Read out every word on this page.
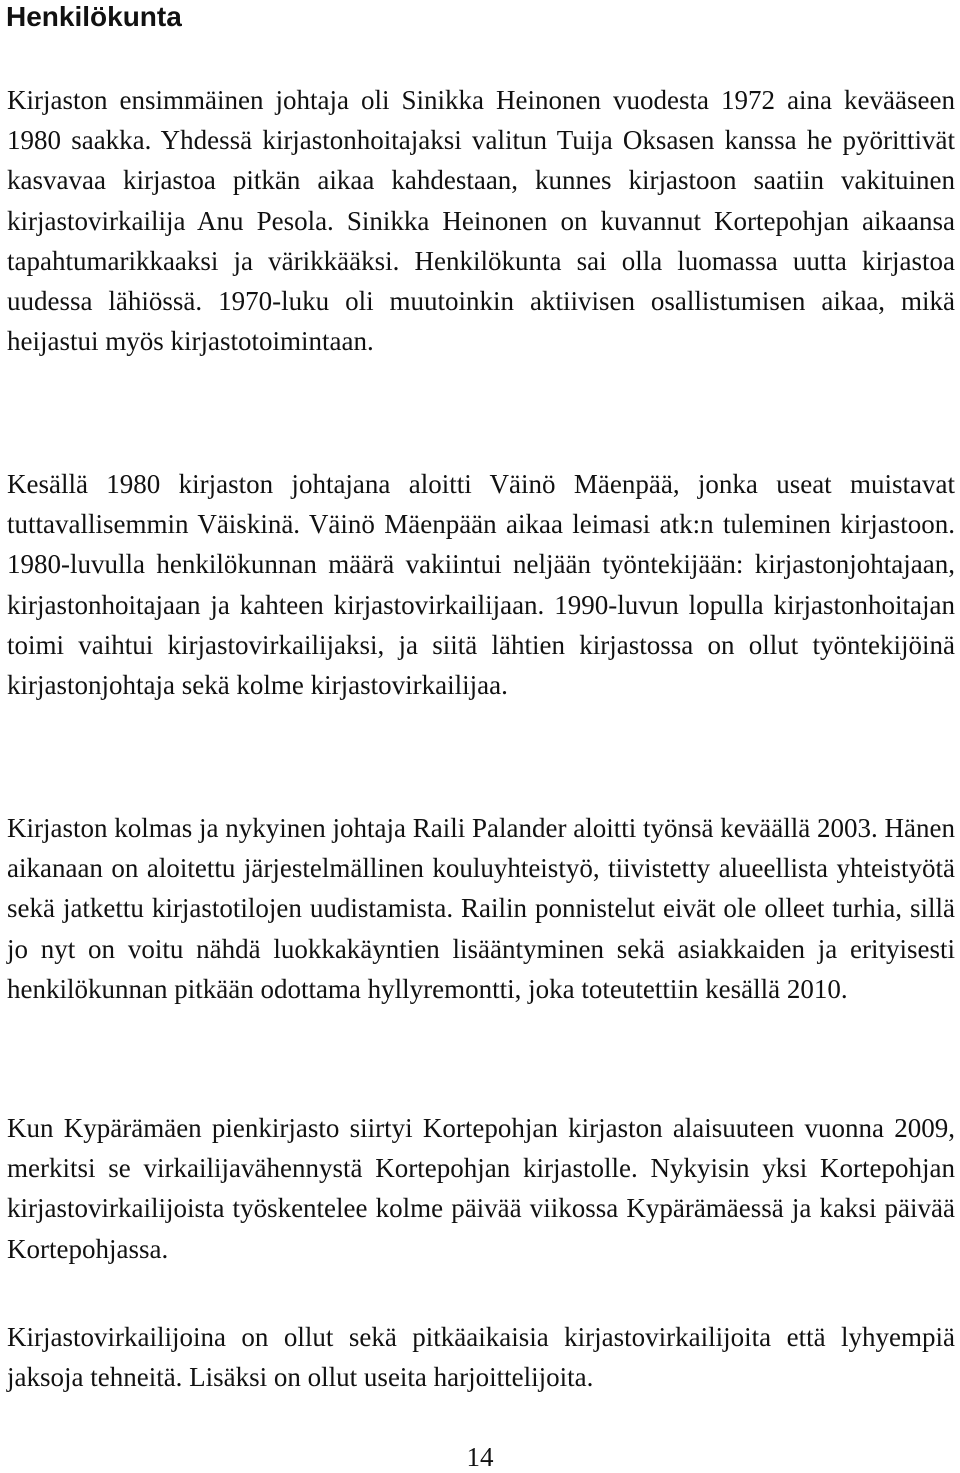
Henkilökunta

Kirjaston ensimmäinen johtaja oli Sinikka Heinonen vuodesta 1972 aina kevääseen 1980 saakka. Yhdessä kirjastonhoitajaksi valitun Tuija Oksasen kanssa he pyörittivät kasvavaa kirjastoa pitkän aikaa kahdestaan, kunnes kirjastoon saatiin vakituinen kirjastovirkailija Anu Pesola. Sinikka Heinonen on kuvannut Kortepohjan aikaansa tapahtumarikkaaksi ja värikkääksi. Henkilökunta sai olla luomassa uutta kirjastoa uudessa lähiössä. 1970-luku oli muutoinkin aktiivisen osallistumisen aikaa, mikä heijastui myös kirjastotoimintaan.

Kesällä 1980 kirjaston johtajana aloitti Väinö Mäenpää, jonka useat muistavat tuttavallisemmin Väiskinä. Väinö Mäenpään aikaa leimasi atk:n tuleminen kirjastoon. 1980-luvulla henkilökunnan määrä vakiintui neljään työntekijään: kirjastonjohtajaan, kirjastonhoitajaan ja kahteen kirjastovirkailijaan. 1990-luvun lopulla kirjastonhoitajan toimi vaihtui kirjastovirkailijaksi, ja siitä lähtien kirjastossa on ollut työntekijöinä kirjastonjohtaja sekä kolme kirjastovirkailijaa.

Kirjaston kolmas ja nykyinen johtaja Raili Palander aloitti työnsä keväällä 2003. Hänen aikanaan on aloitettu järjestelmällinen kouluyhteistyö, tiivistetty alueellista yhteistyötä sekä jatkettu kirjastotilojen uudistamista. Railin ponnistelut eivät ole olleet turhia, sillä jo nyt on voitu nähdä luokkakäyntien lisääntyminen sekä asiakkaiden ja erityisesti henkilökunnan pitkään odottama hyllyremontti, joka toteutettiin kesällä 2010.

Kun Kypärämäen pienkirjasto siirtyi Kortepohjan kirjaston alaisuuteen vuonna 2009, merkitsi se virkailijavähennystä Kortepohjan kirjastolle. Nykyisin yksi Kortepohjan kirjastovirkailijoista työskentelee kolme päivää viikossa Kypärämäessä ja kaksi päivää Kortepohjassa.

Kirjastovirkailijoina on ollut sekä pitkäaikaisia kirjastovirkailijoita että lyhyempiä jaksoja tehneitä. Lisäksi on ollut useita harjoittelijoita.

14
